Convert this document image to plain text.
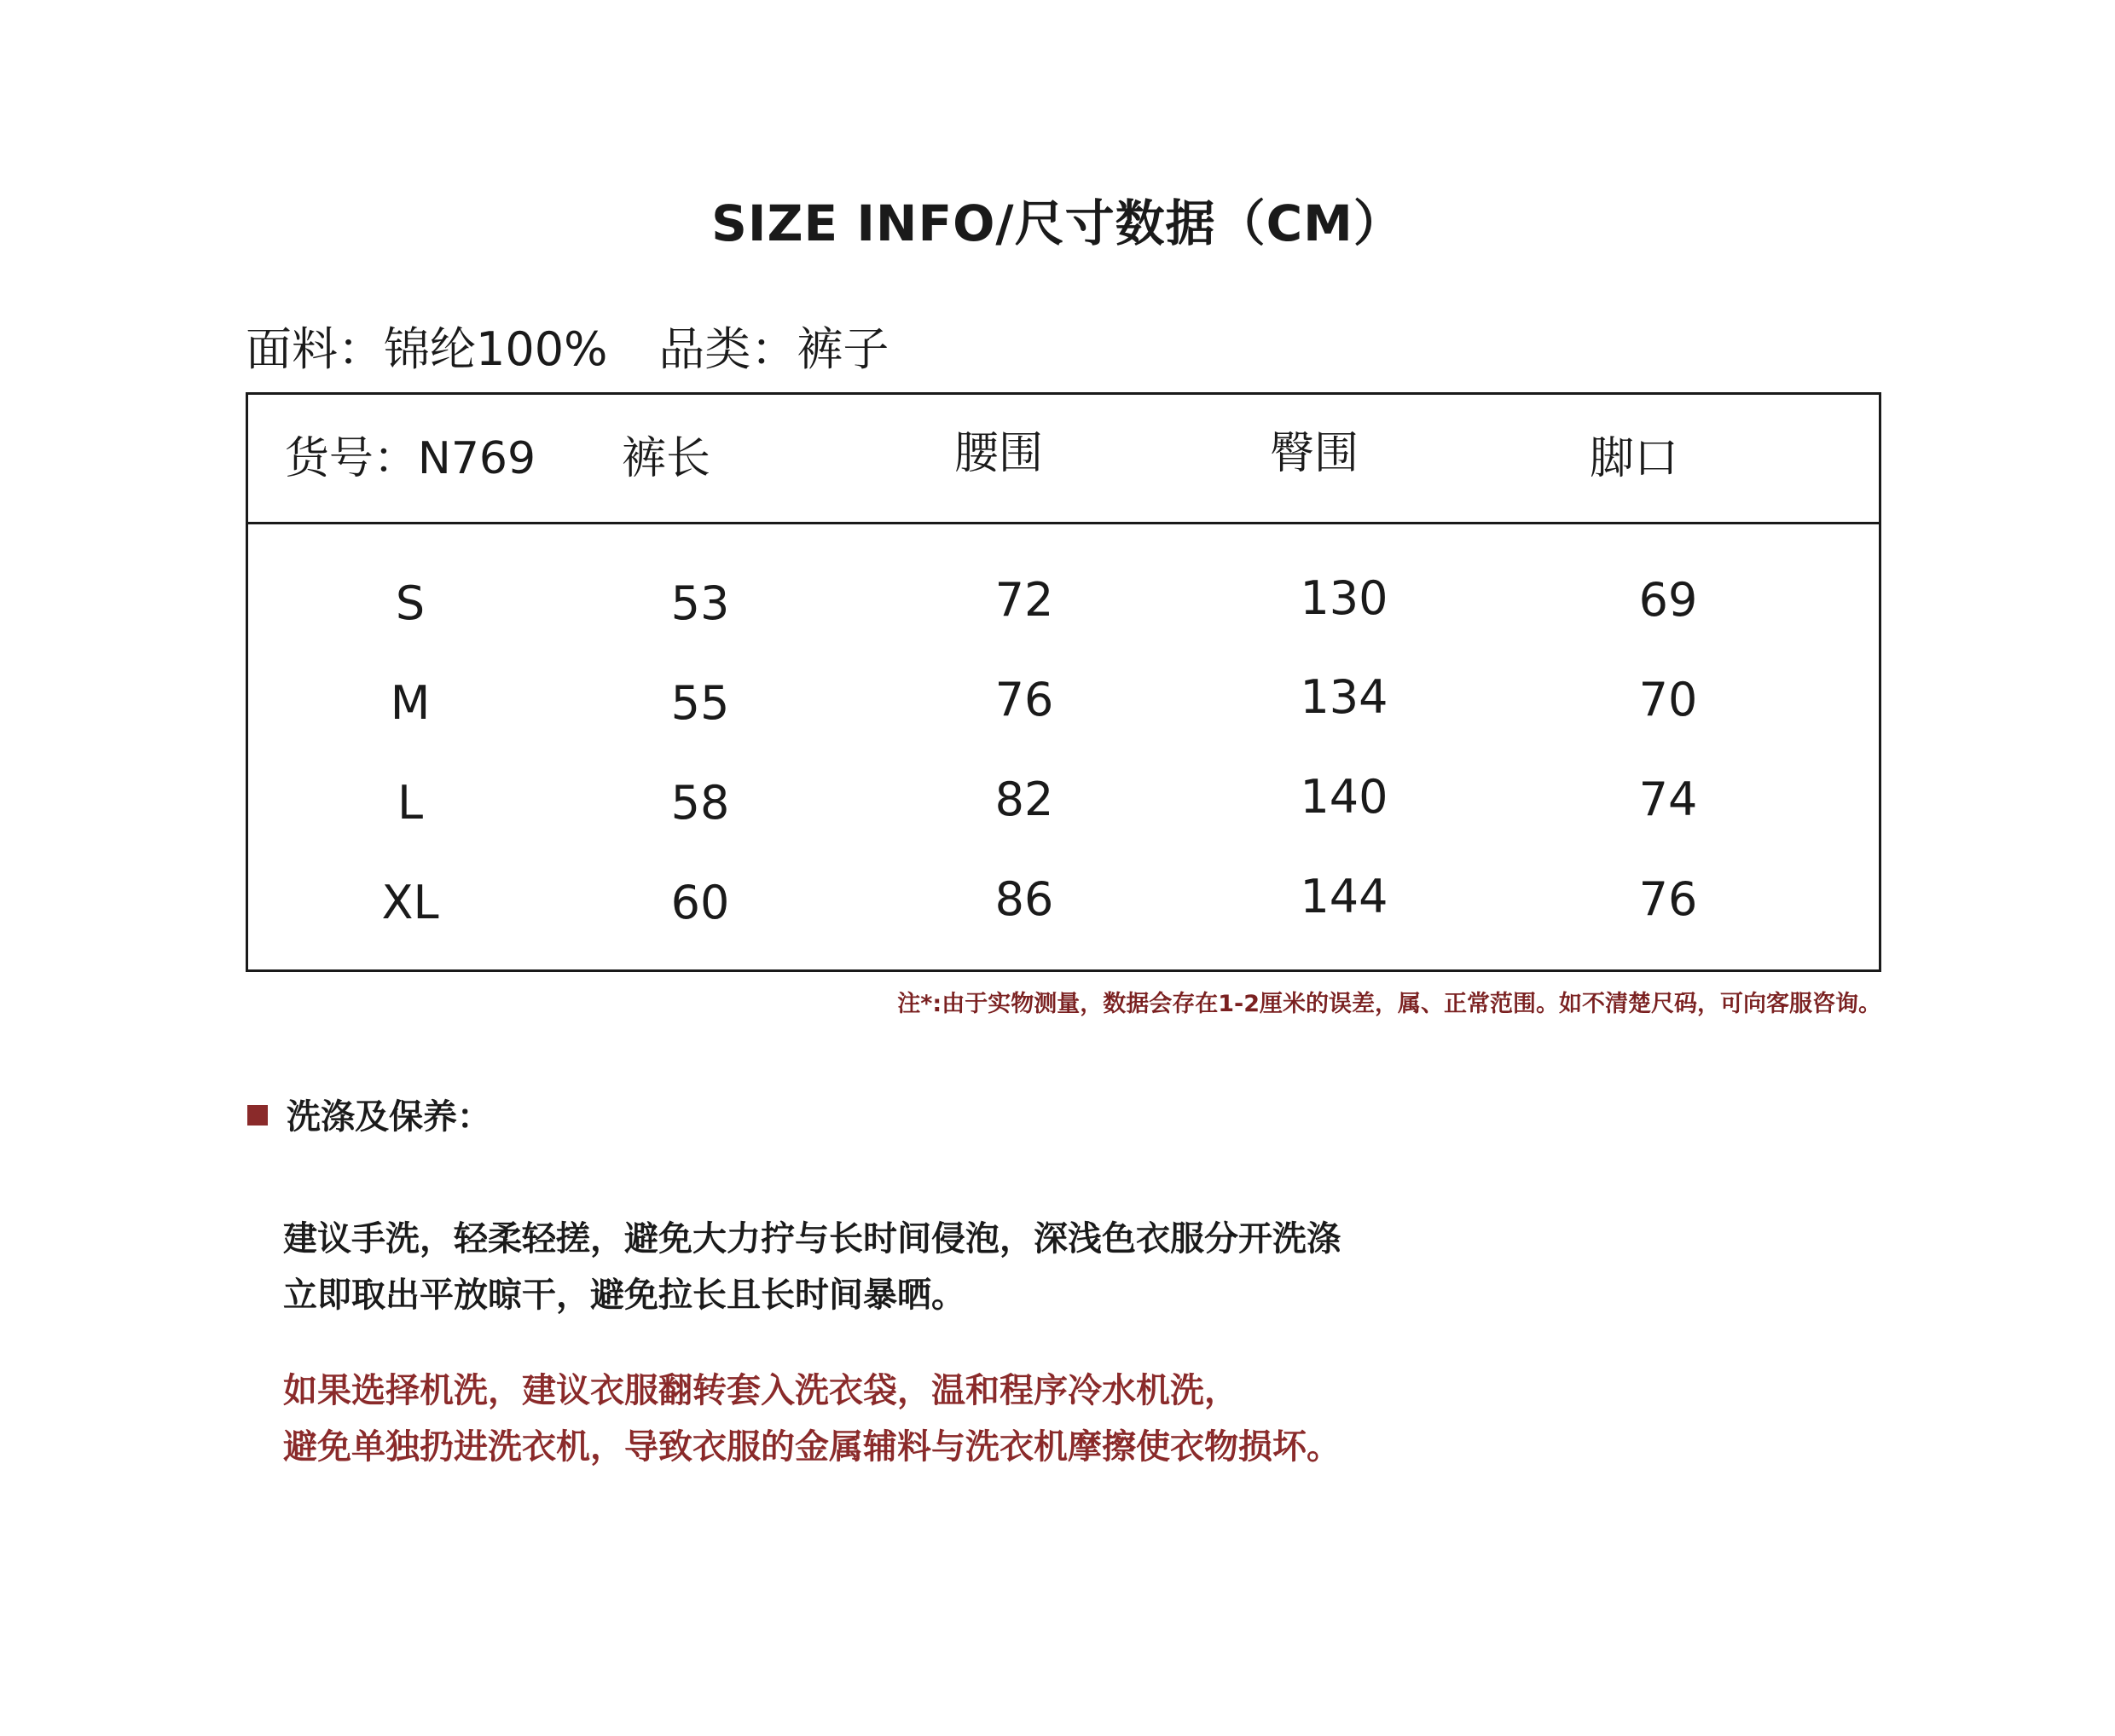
SIZE INFO/尺寸数据（CM）
面料：锦纶100% 品类：裤子
货号：N769	裤长	腰围	臀围	脚口
S	53	72	130	69
M	55	76	134	70
L	58	82	140	74
XL	60	86	144	76
注*:由于实物测量，数据会存在1-2厘米的误差，属、正常范围。如不清楚尺码，可向客服咨询。
洗涤及保养：
建议手洗，轻柔轻搓，避免大力拧与长时间侵泡，深浅色衣服分开洗涤
立即取出平放晾干，避免拉长且长时间暴晒。
如果选择机洗，建议衣服翻转套入洗衣袋，温和程序冷水机洗，
避免单独扔进洗衣机，导致衣服的金属辅料与洗衣机摩擦使衣物损坏。
